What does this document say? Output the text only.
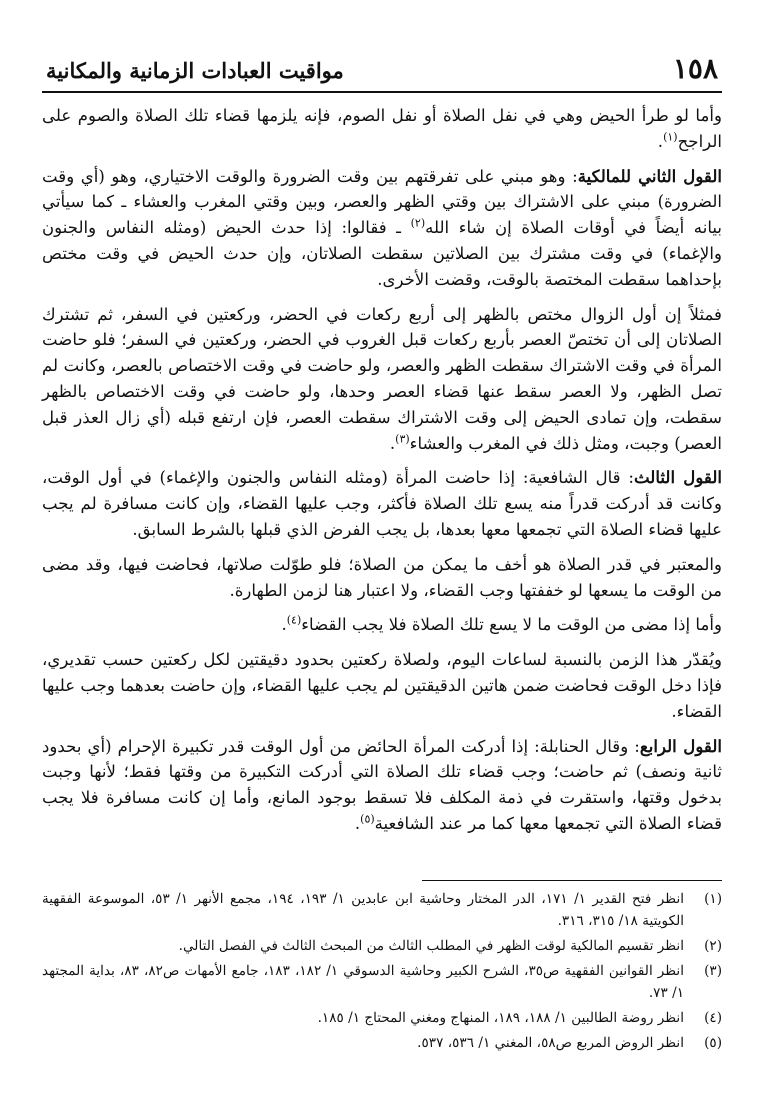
١٥٨
مواقيت العبادات الزمانية والمكانية

وأما لو طرأ الحيض وهي في نفل الصلاة أو نفل الصوم، فإنه يلزمها قضاء تلك الصلاة والصوم على الراجح$^{(١)}$.

القول الثاني للمالكية: وهو مبني على تفرقتهم بين وقت الضرورة والوقت الاختياري، وهو (أي وقت الضرورة) مبني على الاشتراك بين وقتي الظهر والعصر، وبين وقتي المغرب والعشاء ـ كما سيأتي بيانه أيضاً في أوقات الصلاة إن شاء الله$^{(٢)}$ ـ فقالوا: إذا حدث الحيض (ومثله النفاس والجنون والإغماء) في وقت مشترك بين الصلاتين سقطت الصلاتان، وإن حدث الحيض في وقت مختص بإحداهما سقطت المختصة بالوقت، وقضت الأخرى.

فمثلاً إن أول الزوال مختص بالظهر إلى أربع ركعات في الحضر، وركعتين في السفر، ثم تشترك الصلاتان إلى أن تختصّ العصر بأربع ركعات قبل الغروب في الحضر، وركعتين في السفر؛ فلو حاضت المرأة في وقت الاشتراك سقطت الظهر والعصر، ولو حاضت في وقت الاختصاص بالعصر، وكانت لم تصل الظهر، ولا العصر سقط عنها قضاء العصر وحدها، ولو حاضت في وقت الاختصاص بالظهر سقطت، وإن تمادى الحيض إلى وقت الاشتراك سقطت العصر، فإن ارتفع قبله (أي زال العذر قبل العصر) وجبت، ومثل ذلك في المغرب والعشاء$^{(٣)}$.

القول الثالث: قال الشافعية: إذا حاضت المرأة (ومثله النفاس والجنون والإغماء) في أول الوقت، وكانت قد أدركت قدراً منه يسع تلك الصلاة فأكثر، وجب عليها القضاء، وإن كانت مسافرة لم يجب عليها قضاء الصلاة التي تجمعها معها بعدها، بل يجب الفرض الذي قبلها بالشرط السابق.

والمعتبر في قدر الصلاة هو أخف ما يمكن من الصلاة؛ فلو طوّلت صلاتها، فحاضت فيها، وقد مضى من الوقت ما يسعها لو خففتها وجب القضاء، ولا اعتبار هنا لزمن الطهارة.

وأما إذا مضى من الوقت ما لا يسع تلك الصلاة فلا يجب القضاء$^{(٤)}$.

ويُقدّر هذا الزمن بالنسبة لساعات اليوم، ولصلاة ركعتين بحدود دقيقتين لكل ركعتين حسب تقديري، فإذا دخل الوقت فحاضت ضمن هاتين الدقيقتين لم يجب عليها القضاء، وإن حاضت بعدهما وجب عليها القضاء.

القول الرابع: وقال الحنابلة: إذا أدركت المرأة الحائض من أول الوقت قدر تكبيرة الإحرام (أي بحدود ثانية ونصف) ثم حاضت؛ وجب قضاء تلك الصلاة التي أدركت التكبيرة من وقتها فقط؛ لأنها وجبت بدخول وقتها، واستقرت في ذمة المكلف فلا تسقط بوجود المانع، وأما إن كانت مسافرة فلا يجب قضاء الصلاة التي تجمعها معها كما مر عند الشافعية$^{(٥)}$.

(١)
انظر فتح القدير ١/ ١٧١، الدر المختار وحاشية ابن عابدين ١/ ١٩٣، ١٩٤، مجمع الأنهر ١/ ٥٣، الموسوعة الفقهية الكويتية ١٨/ ٣١٥، ٣١٦.
(٢)
انظر تقسيم المالكية لوقت الظهر في المطلب الثالث من المبحث الثالث في الفصل التالي.
(٣)
انظر القوانين الفقهية ص٣٥، الشرح الكبير وحاشية الدسوقي ١/ ١٨٢، ١٨٣، جامع الأمهات ص٨٢، ٨٣، بداية المجتهد ١/ ٧٣.
(٤)
انظر روضة الطالبين ١/ ١٨٨، ١٨٩، المنهاج ومغني المحتاج ١/ ١٨٥.
(٥)
انظر الروض المربع ص٥٨، المغني ١/ ٥٣٦، ٥٣٧.
